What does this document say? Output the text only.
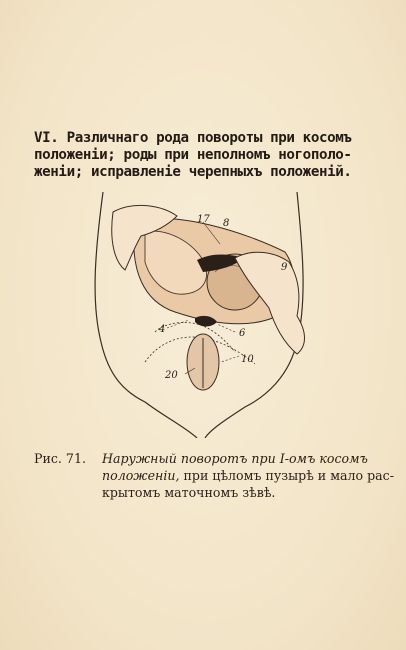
VI. Различнаго рода повороты при косомъ
положенiи; роды при неполномъ ногополо-
женiи; исправленiе черепныхъ положенiй.
17 8
9
4	6
10
20
Рис. 71. Наружный поворотъ при I-омъ косомъ
положенiи, при цѣломъ пузырѣ и мало рас-
крытомъ маточномъ зѣвѣ.
